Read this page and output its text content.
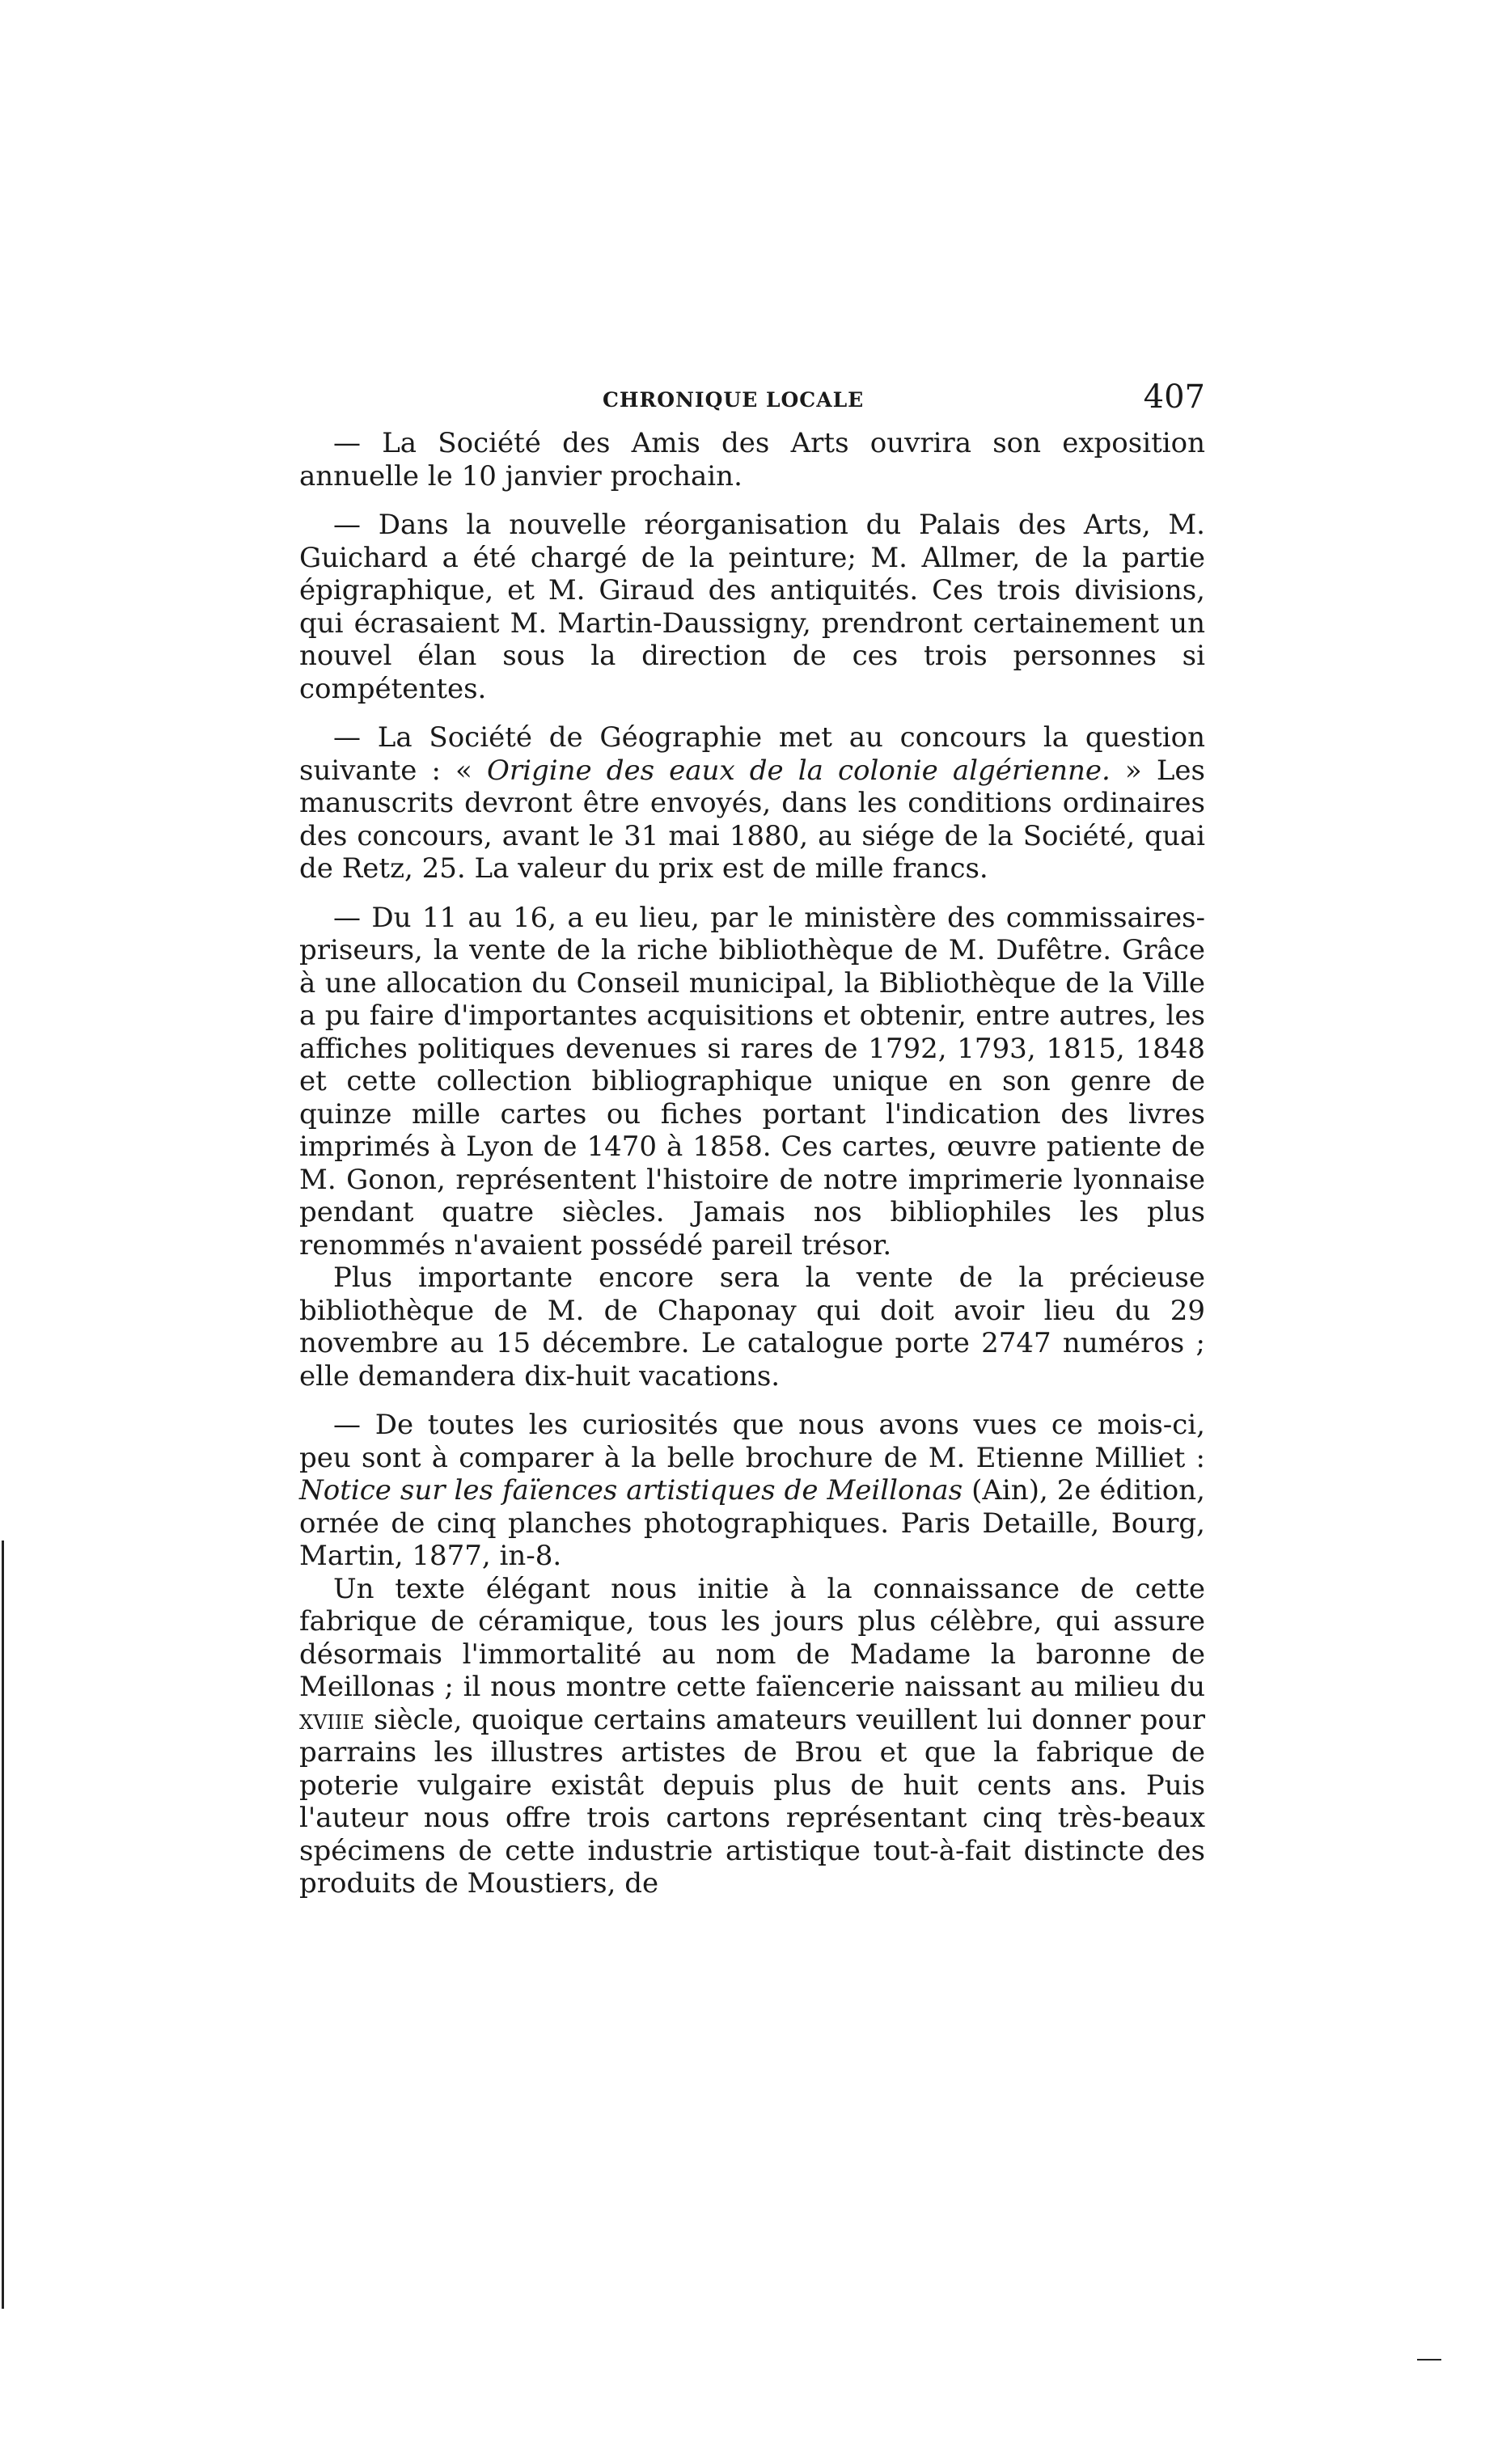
CHRONIQUE LOCALE	407

— La Société des Amis des Arts ouvrira son exposition annuelle le 10 janvier prochain.

— Dans la nouvelle réorganisation du Palais des Arts, M. Guichard a été chargé de la peinture; M. Allmer, de la partie épigraphique, et M. Giraud des antiquités. Ces trois divisions, qui écrasaient M. Martin-Daussigny, prendront certainement un nouvel élan sous la direction de ces trois personnes si compétentes.

— La Société de Géographie met au concours la question suivante : « Origine des eaux de la colonie algérienne. » Les manuscrits devront être envoyés, dans les conditions ordinaires des concours, avant le 31 mai 1880, au siége de la Société, quai de Retz, 25. La valeur du prix est de mille francs.

— Du 11 au 16, a eu lieu, par le ministère des commissaires-priseurs, la vente de la riche bibliothèque de M. Dufêtre. Grâce à une allocation du Conseil municipal, la Bibliothèque de la Ville a pu faire d'importantes acquisitions et obtenir, entre autres, les affiches politiques devenues si rares de 1792, 1793, 1815, 1848 et cette collection bibliographique unique en son genre de quinze mille cartes ou fiches portant l'indication des livres imprimés à Lyon de 1470 à 1858. Ces cartes, œuvre patiente de M. Gonon, représentent l'histoire de notre imprimerie lyonnaise pendant quatre siècles. Jamais nos bibliophiles les plus renommés n'avaient possédé pareil trésor.

Plus importante encore sera la vente de la précieuse bibliothèque de M. de Chaponay qui doit avoir lieu du 29 novembre au 15 décembre. Le catalogue porte 2747 numéros ; elle demandera dix-huit vacations.

— De toutes les curiosités que nous avons vues ce mois-ci, peu sont à comparer à la belle brochure de M. Etienne Milliet : Notice sur les faïences artistiques de Meillonas (Ain), 2e édition, ornée de cinq planches photographiques. Paris Detaille, Bourg, Martin, 1877, in-8.

Un texte élégant nous initie à la connaissance de cette fabrique de céramique, tous les jours plus célèbre, qui assure désormais l'immortalité au nom de Madame la baronne de Meillonas ; il nous montre cette faïencerie naissant au milieu du xviiie siècle, quoique certains amateurs veuillent lui donner pour parrains les illustres artistes de Brou et que la fabrique de poterie vulgaire existât depuis plus de huit cents ans. Puis l'auteur nous offre trois cartons représentant cinq très-beaux spécimens de cette industrie artistique tout-à-fait distincte des produits de Moustiers, de
